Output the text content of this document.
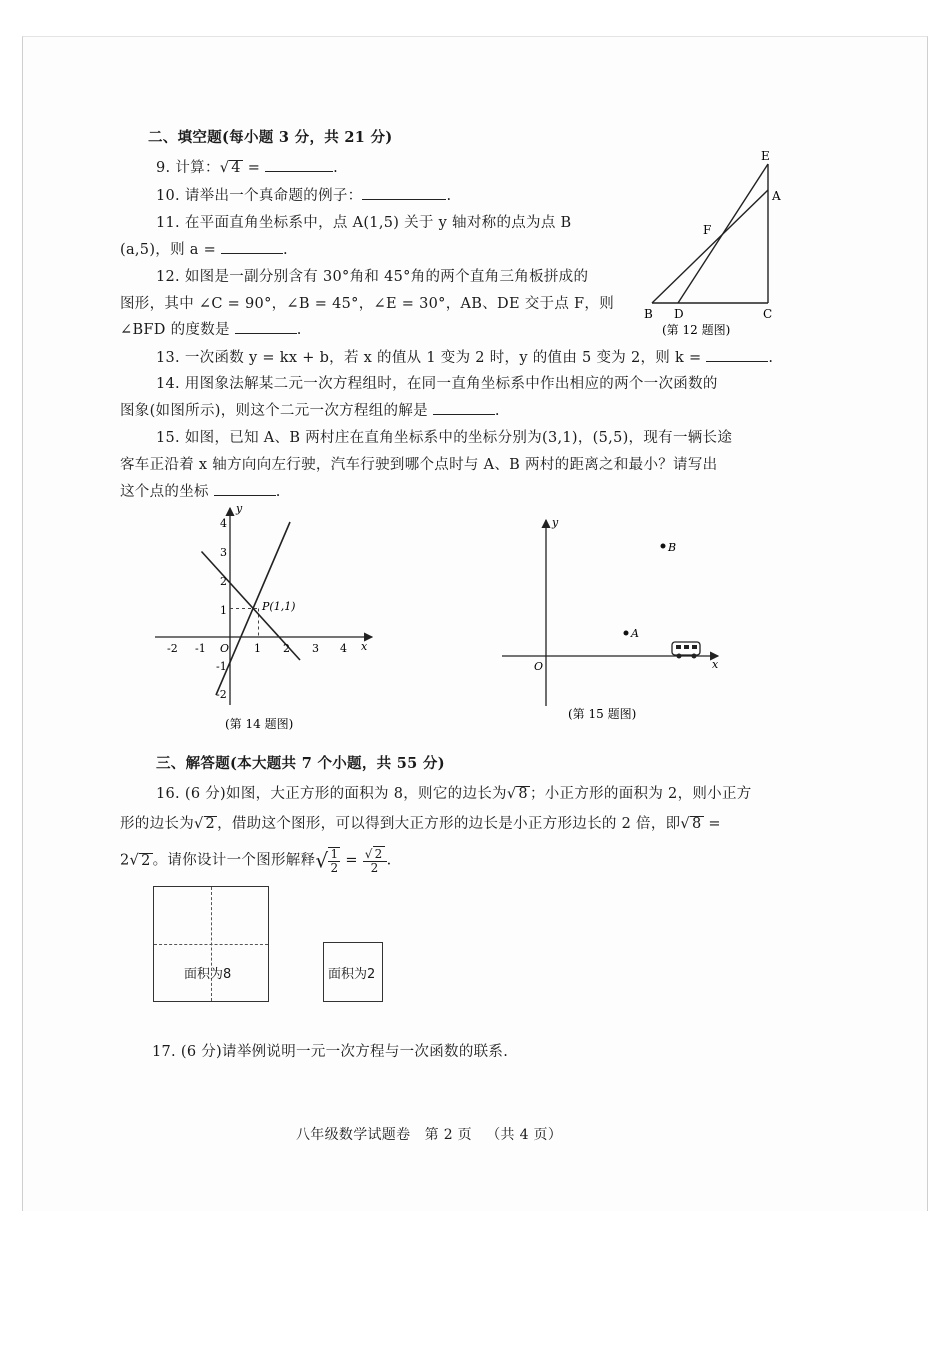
二、填空题(每小题 3 分，共 21 分)
9. 计算：√ 4 =	.
10. 请举出一个真命题的例子：	.
11. 在平面直角坐标系中，点 A(1,5) 关于 y 轴对称的点为点 B
(a,5)，则 a =	.
12. 如图是一副分别含有 30°角和 45°角的两个直角三角板拼成的
图形，其中 ∠C = 90°，∠B = 45°，∠E = 30°，AB、DE 交于点 F，则
∠BFD 的度数是	.
E
A
F
B D	C
(第 12 题图)
13. 一次函数 y = kx + b，若 x 的值从 1 变为 2 时，y 的值由 5 变为 2，则 k =	.
14. 用图象法解某二元一次方程组时，在同一直角坐标系中作出相应的两个一次函数的
图象(如图所示)，则这个二元一次方程组的解是	.
15. 如图，已知 A、B 两村庄在直角坐标系中的坐标分别为(3,1)，(5,5)，现有一辆长途
客车正沿着 x 轴方向向左行驶，汽车行驶到哪个点时与 A、B 两村的距离之和最小？请写出
这个点的坐标	.
-2 -1 O 1 2 3 4 x
4
3
2
1
-1
-2
y
P(1,1)
(第 14 题图)
O	x
y
A
B
(第 15 题图)
三、解答题(本大题共 7 个小题，共 55 分)
16. (6 分)如图，大正方形的面积为 8，则它的边长为√ 8 ；小正方形的面积为 2，则小正方
形的边长为√ 2 ，借助这个图形，可以得到大正方形的边长是小正方形边长的 2 倍，即√ 8 =
2√ 2 。请你设计一个图形解释√ $\frac{1}{2} = \frac{√ 2}{2}$ .
面积为8	面积为2
17. (6 分)请举例说明一元一次方程与一次函数的联系.
八年级数学试题卷 第 2 页 （共 4 页）
